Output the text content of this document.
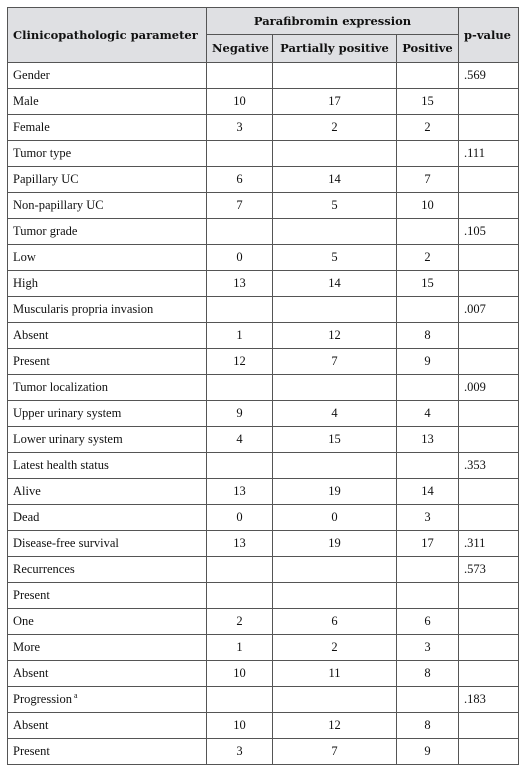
Clinicopathologic parameter	Parafibromin expression			p-value
	Negative	Partially positive	Positive	
Gender				.569
Male	10	17	15	
Female	3	2	2	
Tumor type				.111
Papillary UC	6	14	7	
Non-papillary UC	7	5	10	
Tumor grade				.105
Low	0	5	2	
High	13	14	15	
Muscularis propria invasion				.007
Absent	1	12	8	
Present	12	7	9	
Tumor localization				.009
Upper urinary system	9	4	4	
Lower urinary system	4	15	13	
Latest health status				.353
Alive	13	19	14	
Dead	0	0	3	
Disease-free survival	13	19	17	.311
Recurrences				.573
Present				
One	2	6	6	
More	1	2	3	
Absent	10	11	8	
Progression $^a$				.183
Absent	10	12	8	
Present	3	7	9	
